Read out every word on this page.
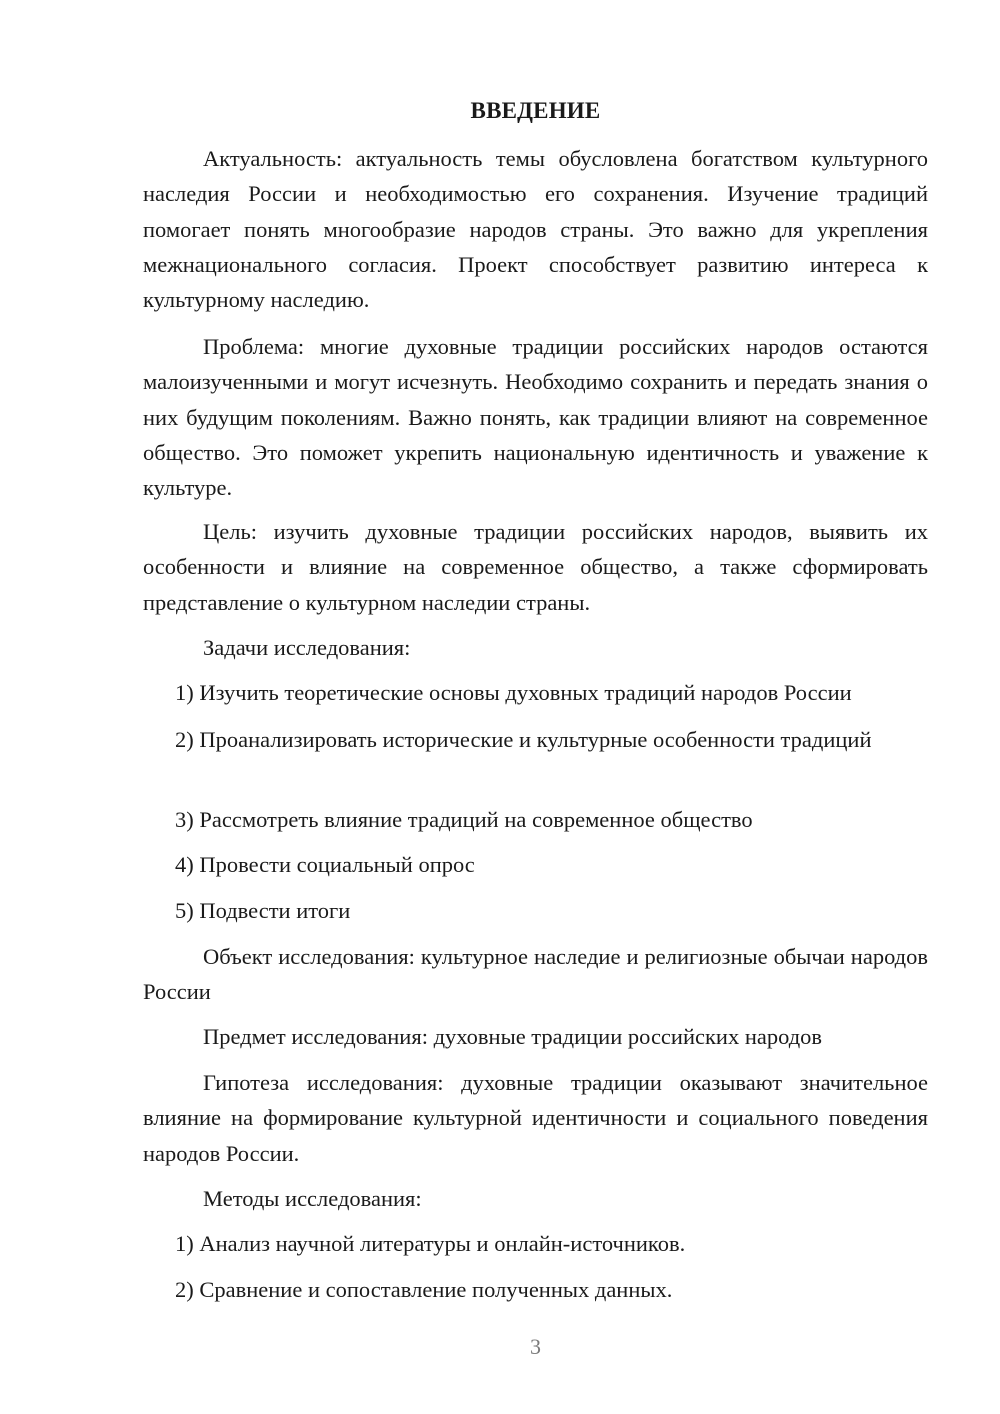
ВВЕДЕНИЕ

Актуальность: актуальность темы обусловлена богатством культурного наследия России и необходимостью его сохранения. Изучение традиций помогает понять многообразие народов страны. Это важно для укрепления межнационального согласия. Проект способствует развитию интереса к культурному наследию.

Проблема: многие духовные традиции российских народов остаются малоизученными и могут исчезнуть. Необходимо сохранить и передать знания о них будущим поколениям. Важно понять, как традиции влияют на современное общество. Это поможет укрепить национальную идентичность и уважение к культуре.

Цель: изучить духовные традиции российских народов, выявить их особенности и влияние на современное общество, а также сформировать представление о культурном наследии страны.

Задачи исследования:

1) Изучить теоретические основы духовных традиций народов России
2) Проанализировать исторические и культурные особенности традиций
3) Рассмотреть влияние традиций на современное общество
4) Провести социальный опрос
5) Подвести итоги

Объект исследования: культурное наследие и религиозные обычаи народов России

Предмет исследования: духовные традиции российских народов

Гипотеза исследования: духовные традиции оказывают значительное влияние на формирование культурной идентичности и социального поведения народов России.

Методы исследования:

1) Анализ научной литературы и онлайн-источников.
2) Сравнение и сопоставление полученных данных.

3
